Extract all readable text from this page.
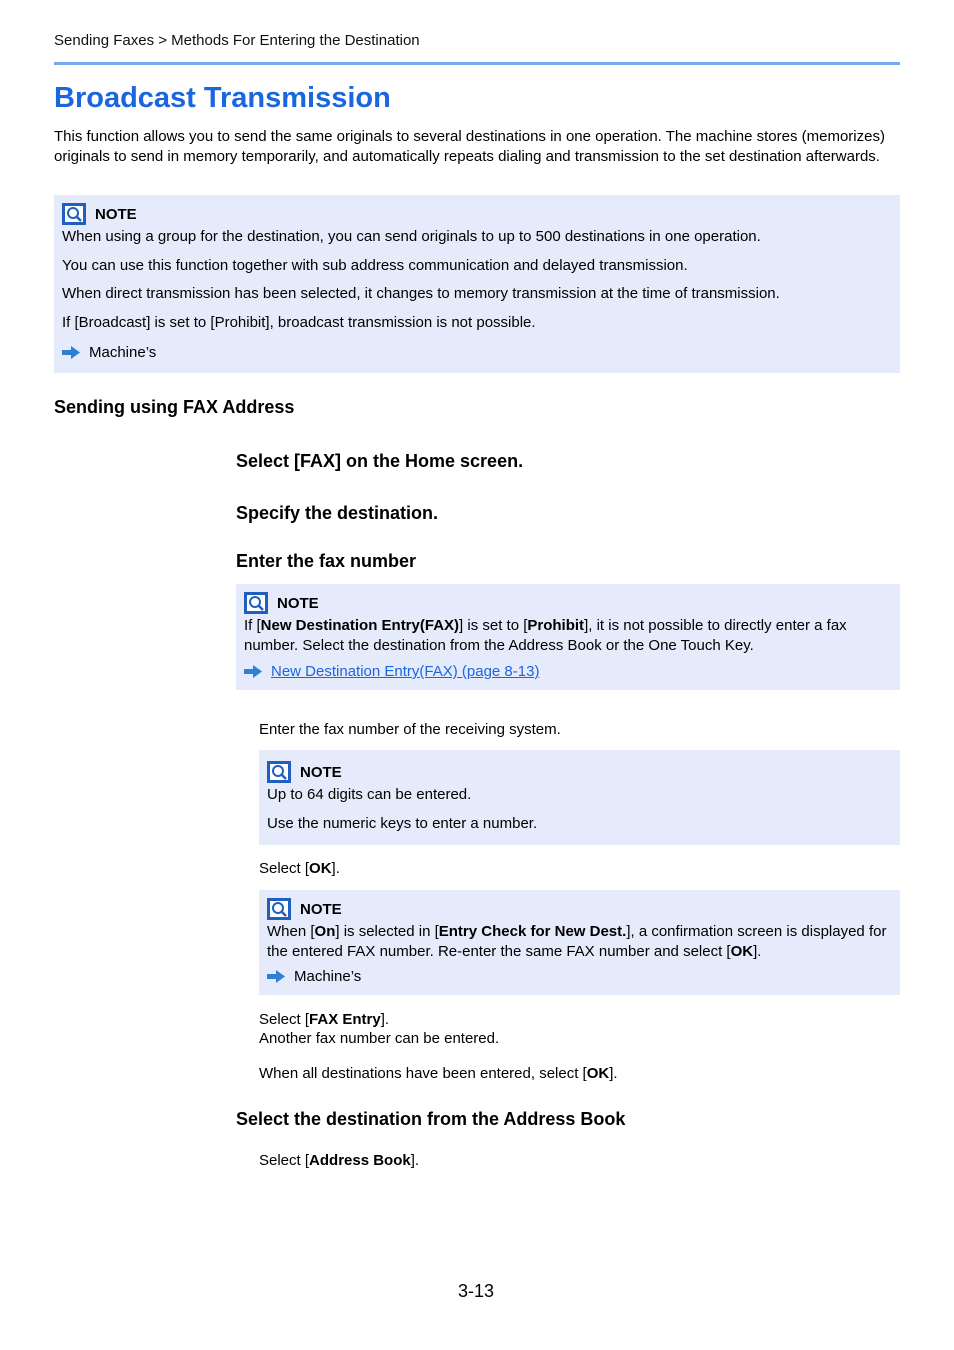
Sending Faxes > Methods For Entering the Destination
Broadcast Transmission

This function allows you to send the same originals to several destinations in one operation. The machine stores (memorizes) originals to send in memory temporarily, and automatically repeats dialing and transmission to the set destination afterwards.

NOTE

When using a group for the destination, you can send originals to up to 500 destinations in one operation.

You can use this function together with sub address communication and delayed transmission.

When direct transmission has been selected, it changes to memory transmission at the time of transmission.

If [Broadcast] is set to [Prohibit], broadcast transmission is not possible.

Machine’s
Sending using FAX Address
Select [FAX] on the Home screen.
Specify the destination.
Enter the fax number
NOTE

If [New Destination Entry(FAX)] is set to [Prohibit], it is not possible to directly enter a fax number. Select the destination from the Address Book or the One Touch Key.

New Destination Entry(FAX) (page 8-13)

Enter the fax number of the receiving system.

NOTE

Up to 64 digits can be entered.

Use the numeric keys to enter a number.

Select [OK].

NOTE

When [On] is selected in [Entry Check for New Dest.], a confirmation screen is displayed for the entered FAX number. Re-enter the same FAX number and select [OK].

Machine’s

Select [FAX Entry].

Another fax number can be entered.

When all destinations have been entered, select [OK].

Select the destination from the Address Book

Select [Address Book].

3-13
